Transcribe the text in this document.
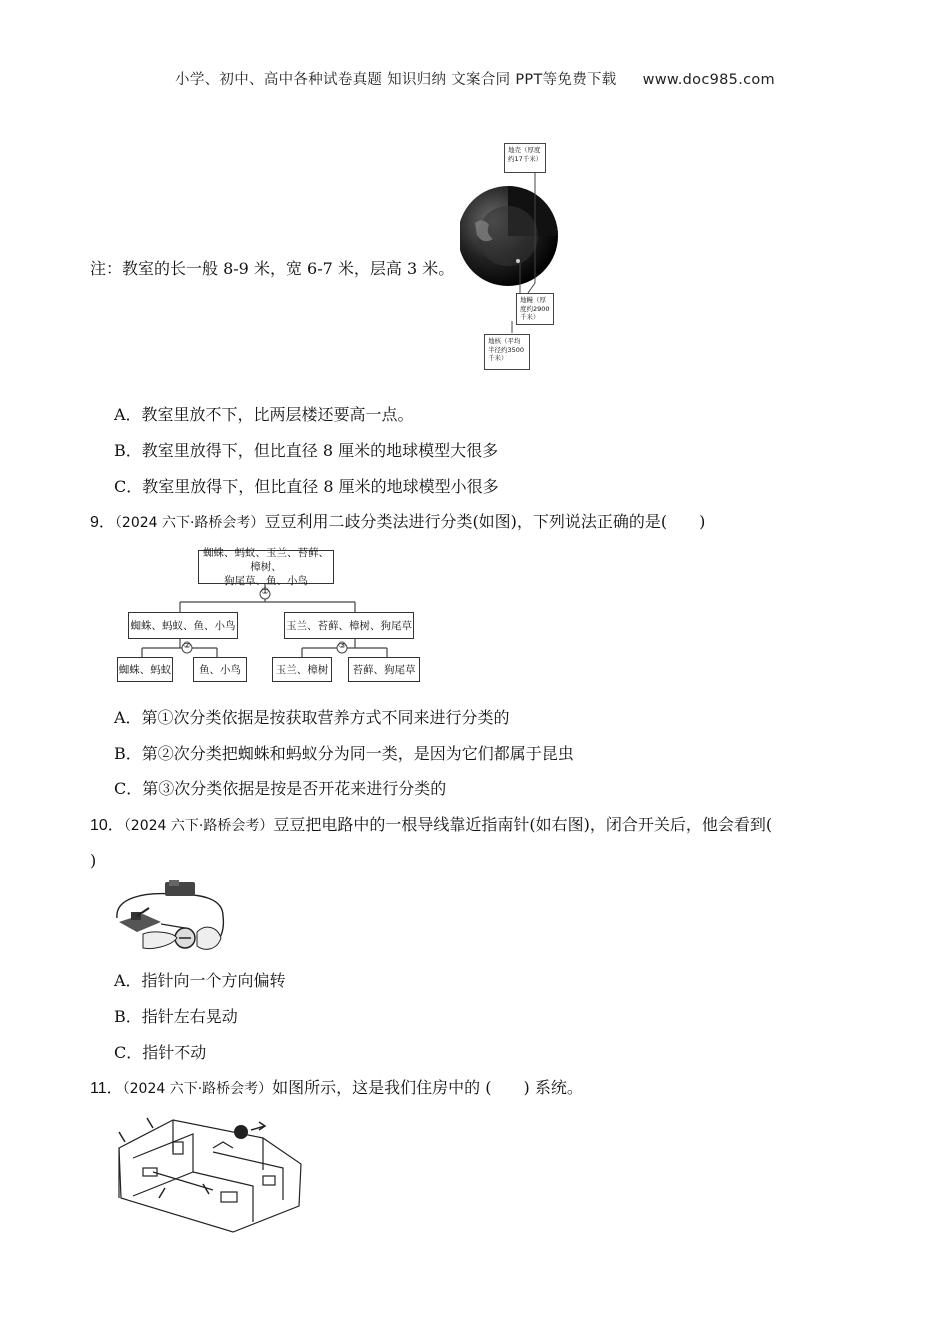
小学、初中、高中各种试卷真题 知识归纳 文案合同 PPT等免费下载 www.doc985.com
注：教室的长一般 8-9 米，宽 6-7 米，层高 3 米。
地壳（厚度约17千米）
地幔（厚度约2900千米）
地核（平均半径约3500千米）
A．教室里放不下，比两层楼还要高一点。
B．教室里放得下，但比直径 8 厘米的地球模型大很多
C．教室里放得下，但比直径 8 厘米的地球模型小很多
9．（2024 六下·路桥会考）豆豆利用二歧分类法进行分类(如图)，下列说法正确的是(　　)
蜘蛛、蚂蚁、玉兰、苔藓、樟树、
狗尾草、鱼、小鸟
①
蜘蛛、蚂蚁、鱼、小鸟	玉兰、苔藓、樟树、狗尾草
②	③
蜘蛛、蚂蚁	鱼、小鸟	玉兰、樟树	苔藓、狗尾草
A．第①次分类依据是按获取营养方式不同来进行分类的
B．第②次分类把蜘蛛和蚂蚁分为同一类，是因为它们都属于昆虫
C．第③次分类依据是按是否开花来进行分类的
10．（2024 六下·路桥会考）豆豆把电路中的一根导线靠近指南针(如右图)，闭合开关后，他会看到(
)
A．指针向一个方向偏转
B．指针左右晃动
C．指针不动
11．（2024 六下·路桥会考）如图所示，这是我们住房中的 (　　) 系统。
